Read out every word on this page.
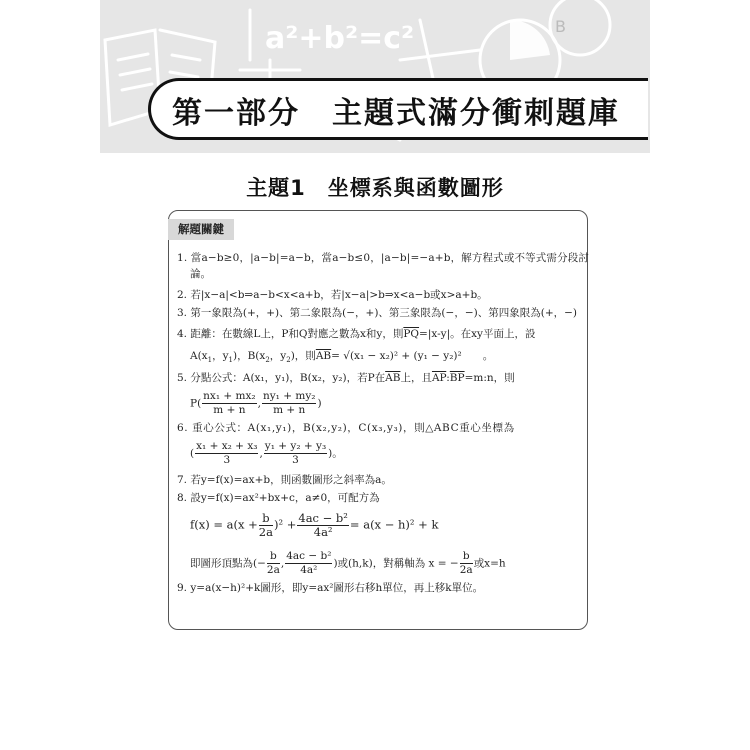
a²+b²=c²	B
第一部分　主題式滿分衝刺題庫
主題1　坐標系與函數圖形
解題關鍵
1. 當a−b≥0，|a−b|=a−b，當a−b≤0，|a−b|=−a+b，解方程式或不等式需分段討
論。
2. 若|x−a|<b⇒a−b<x<a+b，若|x−a|>b⇒x<a−b或x>a+b。
3. 第一象限為(+，+)、第二象限為(−，+)、第三象限為(−，−)、第四象限為(+，−)
4. 距離：在數線L上，P和Q對應之數為x和y，則$\overline{PQ}=|x-y|$。在xy平面上，設
$A(x_1$，$y_1$)，$B(x_2$，$y_2$)，則$\overline{AB}= √(x_1 - x_2)^2 + (y_1 - y_2)^2$　　。
5. 分點公式：A(x₁，y₁)，B(x₂，y₂)，若P在$\overline{AB}$上，且$\overline{AP}:\overline{BP}=m:n$，則
$P( \frac{\text{nx₁ + mx₂}}{m + n}$ , $\frac{\text{ny₁ + my₂}}{m + n}$ )
6. 重心公式：A(x₁,y₁)，B(x₂,y₂)，C(x₃,y₃)，則△ABC重心坐標為
( $\frac{\text{x₁ + x₂ + x₃}}{3}$ , $\frac{\text{y₁ + y₂ + y₃}}{3}$ )。
7. 若y=f(x)=ax+b，則函數圖形之斜率為a。
8. 設y=f(x)=ax²+bx+c，a≠0，可配方為
$f(x) = a(x + \frac{b}{2a} )^2 + \frac{\text{4ac − b²}}{\text{4a²}} = a(x - h)^2 + k$
即圖形頂點為(− $\frac{b}{2a}$ , $\frac{\text{4ac − b²}}{\text{4a²}}$ )或(h,k)，對稱軸為 x = − $\frac{b}{2a}$ 或x=h
9. y=a(x−h)²+k圖形，即y=ax²圖形右移h單位，再上移k單位。
